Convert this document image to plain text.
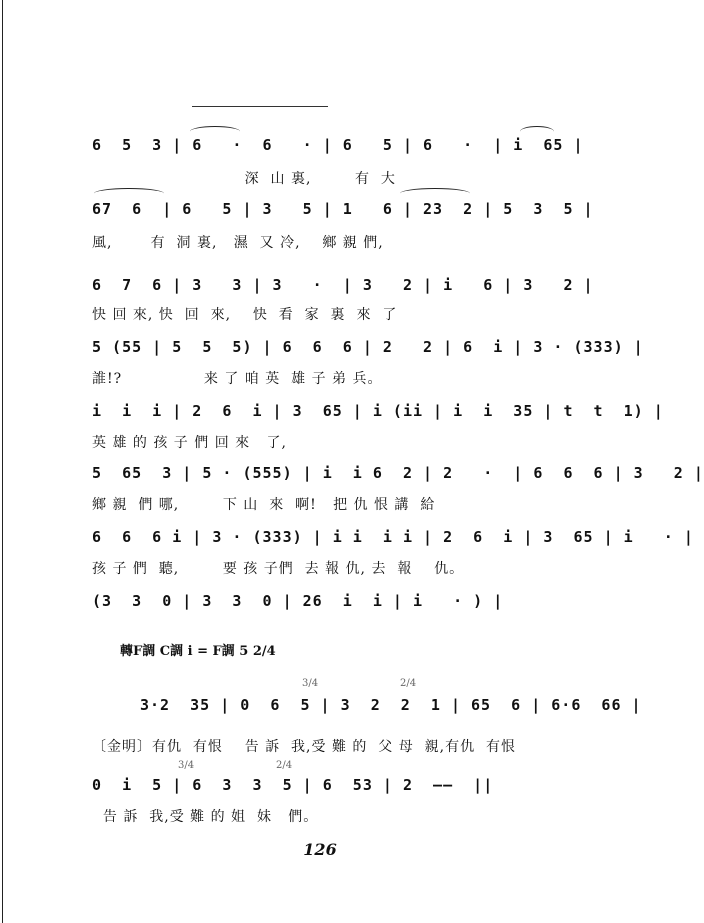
6  5  3 | 6   ·  6   · | 6   5 | 6   ·  | i  65 |
深  山 裏,        有  大
67  6  | 6   5 | 3   5 | 1   6 | 23  2 | 5  3  5 |
風,       有  洞 裏,   濕  又 冷,    鄉 親 們,
6  7  6 | 3   3 | 3   ·  | 3   2 | i   6 | 3   2 |
快 回 來, 快  回  來,    快  看  家  裏  來  了
5 (55 | 5  5  5) | 6  6  6 | 2   2 | 6  i | 3 · (333) |
誰!?               来 了 咱 英  雄 子 弟 兵。
i  i  i | 2  6  i | 3  65 | i (ii | i  i  35 | t  t  1) |
英 雄 的 孩 子 們 回 來   了,
5  65  3 | 5 · (555) | i  i 6  2 | 2   ·  | 6  6  6 | 3   2 |
鄉 親  們 哪,        下 山  來  啊!   把 仇 恨 講  給
6  6  6 i | 3 · (333) | i i  i i | 2  6  i | 3  65 | i   · |
孩 子 們  聽,        要 孩 子們  去 報 仇, 去  報    仇。
(3  3  0 | 3  3  0 | 26  i  i | i   · ) |
轉F調 C調 i = F調 5 2/4
3/4	2/4
3·2  35 | 0  6  5 | 3  2  2  1 | 65  6 | 6·6  66 |
〔金明〕有仇  有恨    告 訴  我,受 難 的  父 母  親,有仇  有恨
3/4	2/4
0  i  5 | 6  3  3  5 | 6  53 | 2  ——  ||
告 訴  我,受 難 的 姐  妹   們。
126
